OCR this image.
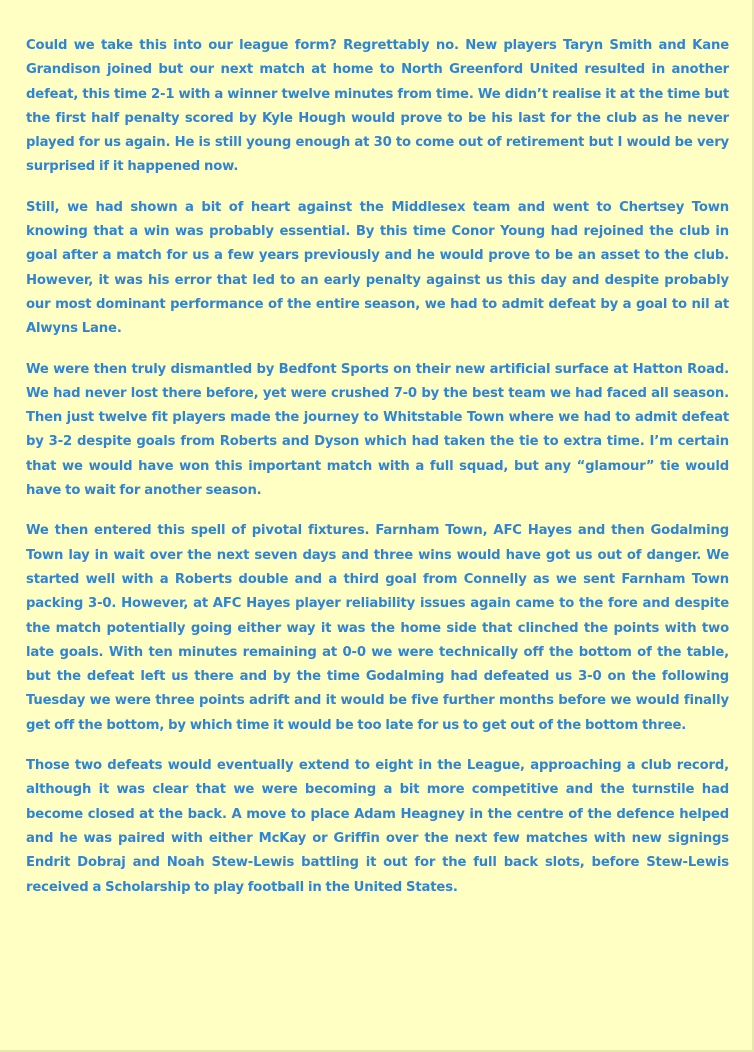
Could we take this into our league form? Regrettably no. New players Taryn Smith and Kane Grandison joined but our next match at home to North Greenford United resulted in another defeat, this time 2-1 with a winner twelve minutes from time. We didn’t realise it at the time but the first half penalty scored by Kyle Hough would prove to be his last for the club as he never played for us again. He is still young enough at 30 to come out of retirement but I would be very surprised if it happened now.

Still, we had shown a bit of heart against the Middlesex team and went to Chertsey Town knowing that a win was probably essential. By this time Conor Young had rejoined the club in goal after a match for us a few years previously and he would prove to be an asset to the club. However, it was his error that led to an early penalty against us this day and despite probably our most dominant performance of the entire season, we had to admit defeat by a goal to nil at Alwyns Lane.

We were then truly dismantled by Bedfont Sports on their new artificial surface at Hatton Road. We had never lost there before, yet were crushed 7-0 by the best team we had faced all season. Then just twelve fit players made the journey to Whitstable Town where we had to admit defeat by 3-2 despite goals from Roberts and Dyson which had taken the tie to extra time. I’m certain that we would have won this important match with a full squad, but any “glamour” tie would have to wait for another season.

We then entered this spell of pivotal fixtures. Farnham Town, AFC Hayes and then Godalming Town lay in wait over the next seven days and three wins would have got us out of danger. We started well with a Roberts double and a third goal from Connelly as we sent Farnham Town packing 3-0. However, at AFC Hayes player reliability issues again came to the fore and despite the match potentially going either way it was the home side that clinched the points with two late goals. With ten minutes remaining at 0-0 we were technically off the bottom of the table, but the defeat left us there and by the time Godalming had defeated us 3-0 on the following Tuesday we were three points adrift and it would be five further months before we would finally get off the bottom, by which time it would be too late for us to get out of the bottom three.

Those two defeats would eventually extend to eight in the League, approaching a club record, although it was clear that we were becoming a bit more competitive and the turnstile had become closed at the back. A move to place Adam Heagney in the centre of the defence helped and he was paired with either McKay or Griffin over the next few matches with new signings Endrit Dobraj and Noah Stew-Lewis battling it out for the full back slots, before Stew-Lewis received a Scholarship to play football in the United States.
